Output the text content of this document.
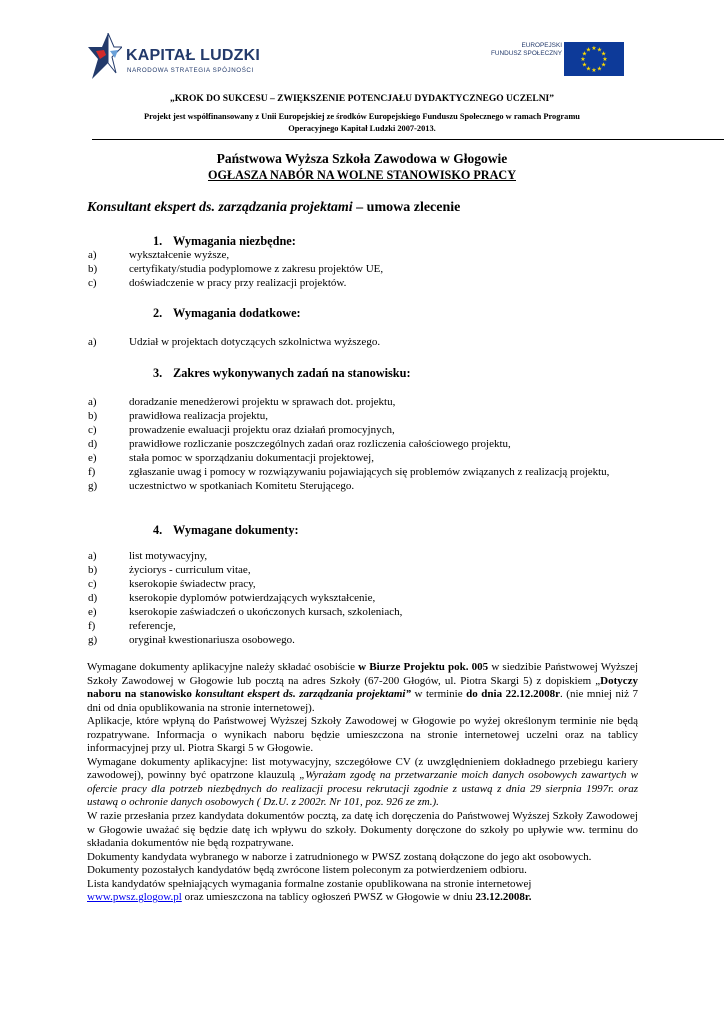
KAPITAŁ LUDZKI
NARODOWA STRATEGIA SPÓJNOŚCI
EUROPEJSKI
FUNDUSZ SPOŁECZNY
★
★
★
★
★
★
★
★
★ ★ ★
★
„KROK DO SUKCESU – ZWIĘKSZENIE POTENCJAŁU DYDAKTYCZNEGO UCZELNI”
Projekt jest współfinansowany z Unii Europejskiej ze środków Europejskiego Funduszu Społecznego w ramach Programu
Operacyjnego Kapitał Ludzki 2007-2013.
Państwowa Wyższa Szkoła Zawodowa w Głogowie
OGŁASZA NABÓR NA WOLNE STANOWISKO PRACY
Konsultant ekspert ds. zarządzania projektami – umowa zlecenie
1. Wymagania niezbędne:
a)	wykształcenie wyższe,
b)	certyfikaty/studia podyplomowe z zakresu projektów UE,
c)	doświadczenie w pracy przy realizacji projektów.
2. Wymagania dodatkowe:
a)	Udział w projektach dotyczących szkolnictwa wyższego.
3. Zakres wykonywanych zadań na stanowisku:
a)	doradzanie menedżerowi projektu w sprawach dot. projektu,
b)	prawidłowa realizacja projektu,
c)	prowadzenie ewaluacji projektu oraz działań promocyjnych,
d)	prawidłowe rozliczanie poszczególnych zadań oraz rozliczenia całościowego projektu,
e)	stała pomoc w sporządzaniu dokumentacji projektowej,
f)	zgłaszanie uwag i pomocy w rozwiązywaniu pojawiających się problemów związanych z realizacją projektu,
g)	uczestnictwo w spotkaniach Komitetu Sterującego.
4. Wymagane dokumenty:
a)	list motywacyjny,
b)	życiorys - curriculum vitae,
c)	kserokopie świadectw pracy,
d)	kserokopie dyplomów potwierdzających wykształcenie,
e)	kserokopie zaświadczeń o ukończonych kursach, szkoleniach,
f)	referencje,
g)	oryginał kwestionariusza osobowego.

Wymagane dokumenty aplikacyjne należy składać osobiście w Biurze Projektu pok. 005 w siedzibie Państwowej Wyższej Szkoły Zawodowej w Głogowie lub pocztą na adres Szkoły (67-200 Głogów, ul. Piotra Skargi 5) z dopiskiem „Dotyczy naboru na stanowisko konsultant ekspert ds. zarządzania projektami” w terminie do dnia 22.12.2008r. (nie mniej niż 7 dni od dnia opublikowania na stronie internetowej).

Aplikacje, które wpłyną do Państwowej Wyższej Szkoły Zawodowej w Głogowie po wyżej określonym terminie nie będą rozpatrywane. Informacja o wynikach naboru będzie umieszczona na stronie internetowej uczelni oraz na tablicy informacyjnej przy ul. Piotra Skargi 5 w Głogowie.

Wymagane dokumenty aplikacyjne: list motywacyjny, szczegółowe CV (z uwzględnieniem dokładnego przebiegu kariery zawodowej), powinny być opatrzone klauzulą „Wyrażam zgodę na przetwarzanie moich danych osobowych zawartych w ofercie pracy dla potrzeb niezbędnych do realizacji procesu rekrutacji zgodnie z ustawą z dnia 29 sierpnia 1997r. oraz ustawą o ochronie danych osobowych ( Dz.U. z 2002r. Nr 101, poz. 926 ze zm.).

W razie przesłania przez kandydata dokumentów pocztą, za datę ich doręczenia do Państwowej Wyższej Szkoły Zawodowej w Głogowie uważać się będzie datę ich wpływu do szkoły. Dokumenty doręczone do szkoły po upływie ww. terminu do składania dokumentów nie będą rozpatrywane.

Dokumenty kandydata wybranego w naborze i zatrudnionego w PWSZ zostaną dołączone do jego akt osobowych.

Dokumenty pozostałych kandydatów będą zwrócone listem poleconym za potwierdzeniem odbioru.

Lista kandydatów spełniających wymagania formalne zostanie opublikowana na stronie internetowej

www.pwsz.glogow.pl oraz umieszczona na tablicy ogłoszeń PWSZ w Głogowie w dniu 23.12.2008r.
